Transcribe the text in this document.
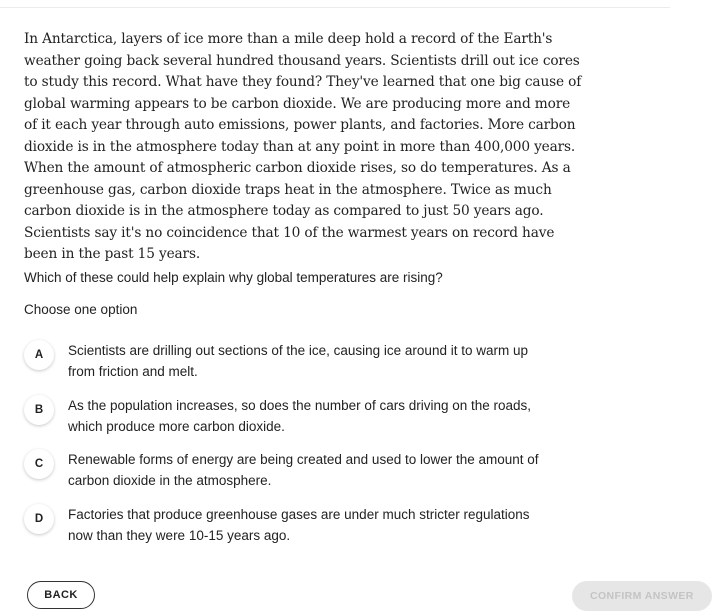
In Antarctica, layers of ice more than a mile deep hold a record of the Earth's weather going back several hundred thousand years. Scientists drill out ice cores to study this record. What have they found? They've learned that one big cause of global warming appears to be carbon dioxide. We are producing more and more of it each year through auto emissions, power plants, and factories. More carbon dioxide is in the atmosphere today than at any point in more than 400,000 years. When the amount of atmospheric carbon dioxide rises, so do temperatures. As a greenhouse gas, carbon dioxide traps heat in the atmosphere. Twice as much carbon dioxide is in the atmosphere today as compared to just 50 years ago. Scientists say it's no coincidence that 10 of the warmest years on record have been in the past 15 years.

Which of these could help explain why global temperatures are rising?

Choose one option

A	Scientists are drilling out sections of the ice, causing ice around it to warm up from friction and melt.
B	As the population increases, so does the number of cars driving on the roads, which produce more carbon dioxide.
C	Renewable forms of energy are being created and used to lower the amount of carbon dioxide in the atmosphere.
D	Factories that produce greenhouse gases are under much stricter regulations now than they were 10-15 years ago.
BACK	CONFIRM ANSWER
